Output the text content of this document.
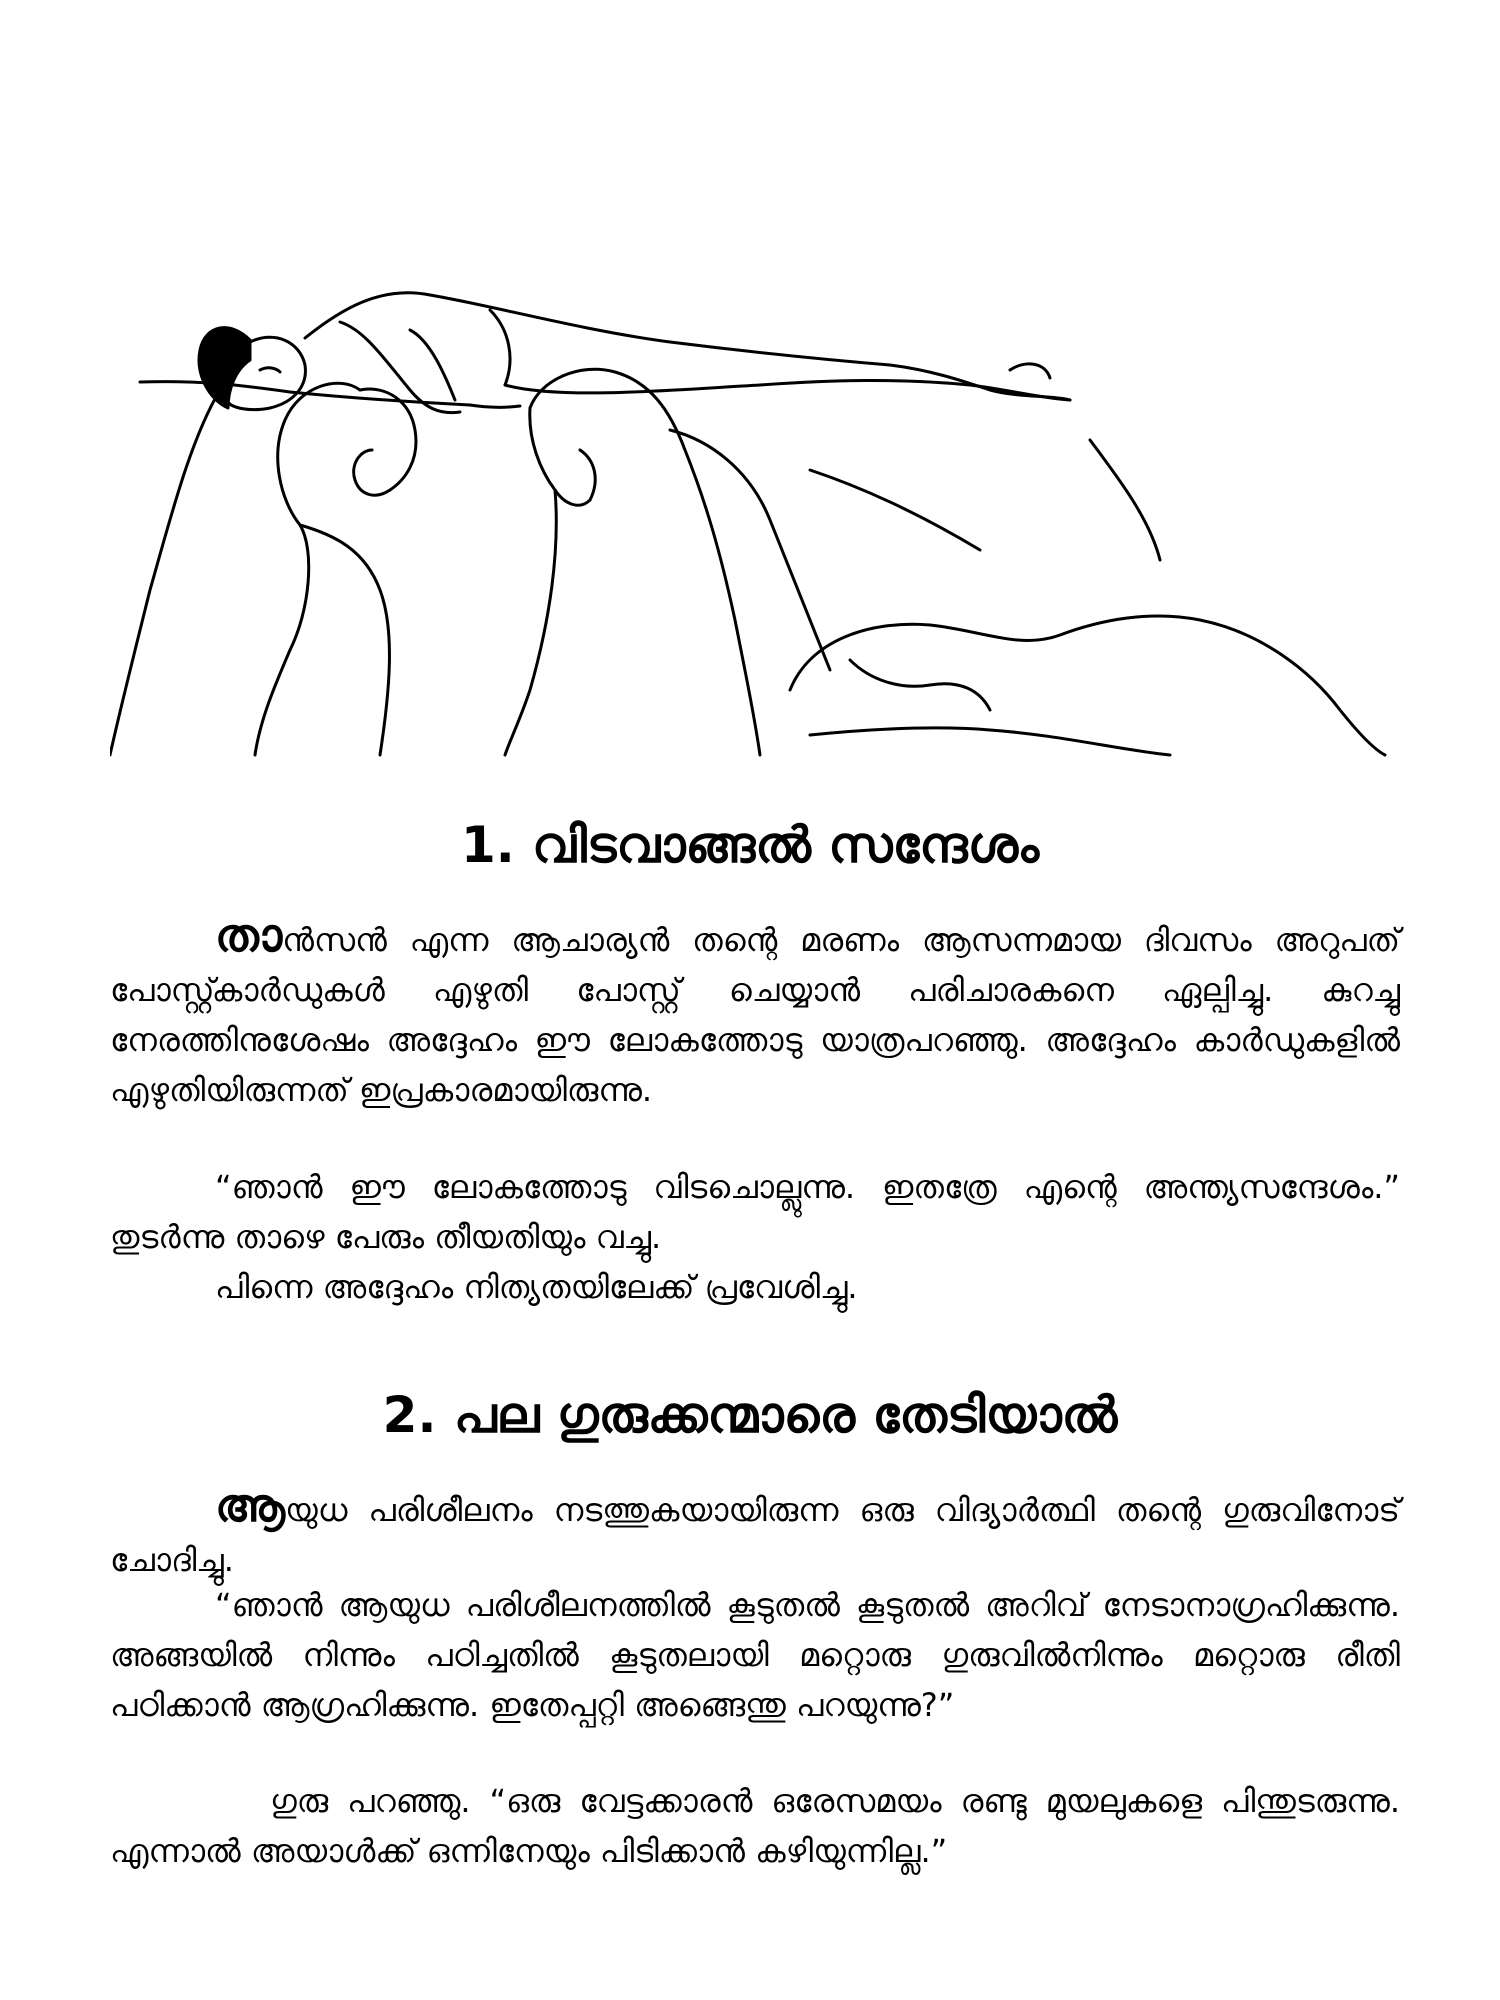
1. വിടവാങ്ങൽ സന്ദേശം

താൻസൻ എന്ന ആചാര്യൻ തന്റെ മരണം ആസന്നമായ ദിവസം അറുപത് പോസ്റ്റ്കാർഡുകൾ എഴുതി പോസ്റ്റ് ചെയ്യാൻ പരിചാരകനെ ഏല്പിച്ചു. കുറച്ചു നേരത്തിനുശേഷം അദ്ദേഹം ഈ ലോകത്തോടു യാത്രപറഞ്ഞു. അദ്ദേഹം കാർഡുകളിൽ എഴുതിയിരുന്നത് ഇപ്രകാരമായിരുന്നു.

“ഞാൻ ഈ ലോകത്തോടു വിടചൊല്ലുന്നു. ഇതത്രേ എന്റെ അന്ത്യസന്ദേശം.” തുടർന്നു താഴെ പേരും തീയതിയും വച്ചു.

പിന്നെ അദ്ദേഹം നിത്യതയിലേക്ക് പ്രവേശിച്ചു.

2. പല ഗുരുക്കന്മാരെ തേടിയാൽ

ആയുധ പരിശീലനം നടത്തുകയായിരുന്ന ഒരു വിദ്യാർത്ഥി തന്റെ ഗുരുവിനോട് ചോദിച്ചു.

“ഞാൻ ആയുധ പരിശീലനത്തിൽ കൂടുതൽ കൂടുതൽ അറിവ് നേടാനാഗ്രഹിക്കുന്നു. അങ്ങയിൽ നിന്നും പഠിച്ചതിൽ കൂടുതലായി മറ്റൊരു ഗുരുവിൽനിന്നും മറ്റൊരു രീതി പഠിക്കാൻ ആഗ്രഹിക്കുന്നു. ഇതേപ്പറ്റി അങ്ങെന്തു പറയുന്നു?”

ഗുരു പറഞ്ഞു. “ഒരു വേട്ടക്കാരൻ ഒരേസമയം രണ്ടു മുയലുകളെ പിന്തുടരുന്നു. എന്നാൽ അയാൾക്ക് ഒന്നിനേയും പിടിക്കാൻ കഴിയുന്നില്ല.”
